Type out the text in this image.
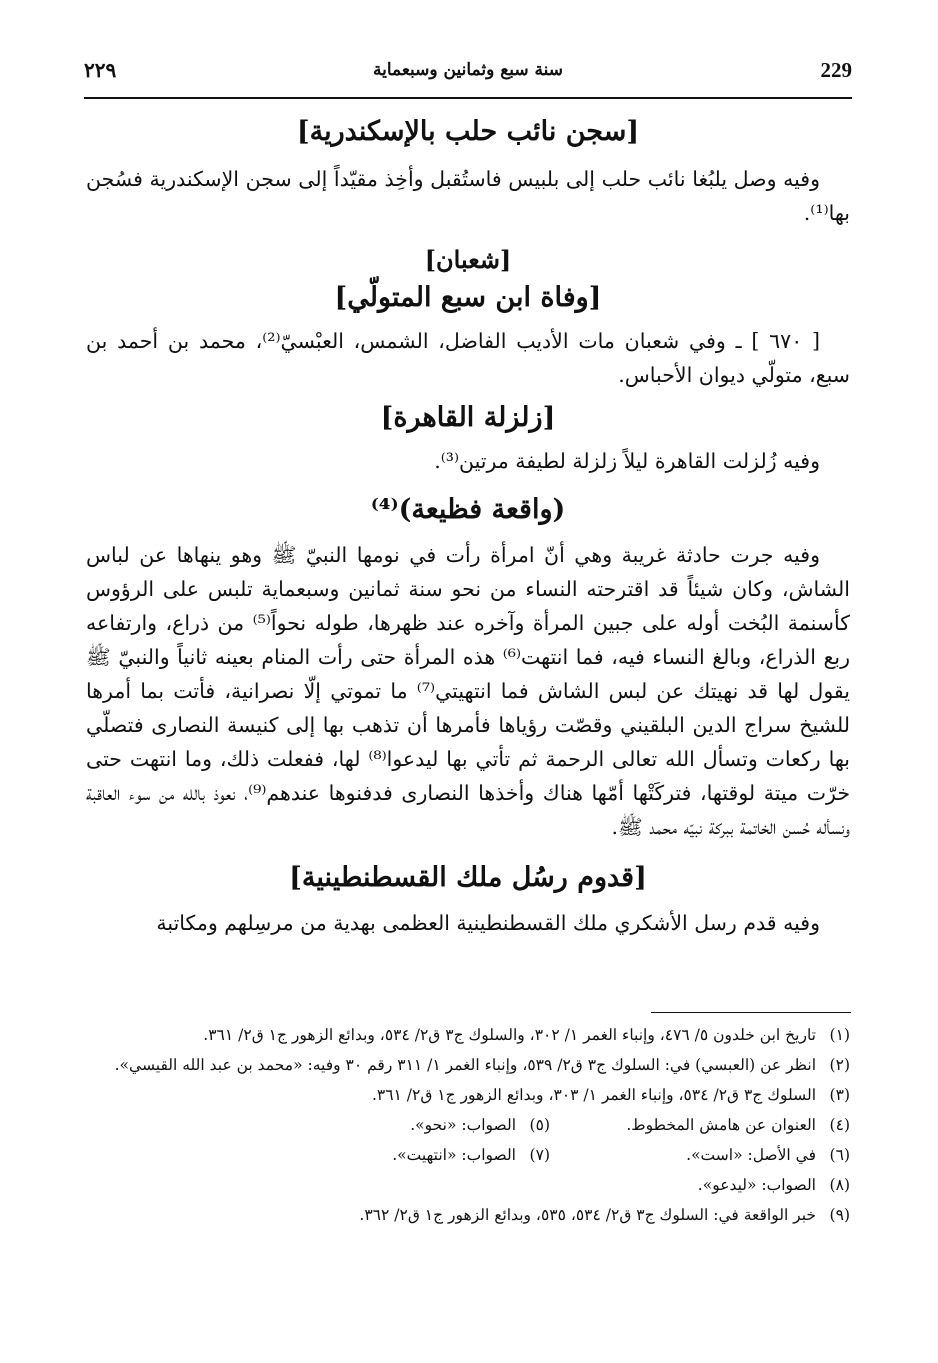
229
سنة سبع وثمانين وسبعماية
٢٢٩
[سجن نائب حلب بالإسكندرية]

وفيه وصل يلبُغا نائب حلب إلى بلبيس فاستُقبل وأخِذ مقيّداً إلى سجن الإسكندرية فسُجن بها⁽¹⁾.

[شعبان]
[وفاة ابن سبع المتولّي]

[ ٦٧٠ ] ـ وفي شعبان مات الأديب الفاضل، الشمس، العبْسيّ⁽²⁾، محمد بن أحمد بن سبع، متولّي ديوان الأحباس.

[زلزلة القاهرة]

وفيه زُلزلت القاهرة ليلاً زلزلة لطيفة مرتين⁽³⁾.

(واقعة فظيعة)⁽⁴⁾

وفيه جرت حادثة غريبة وهي أنّ امرأة رأت في نومها النبيّ ﷺ وهو ينهاها عن لباس الشاش، وكان شيئاً قد اقترحته النساء من نحو سنة ثمانين وسبعماية تلبس على الرؤوس كأسنمة البُخت أوله على جبين المرأة وآخره عند ظهرها، طوله نحواً⁽⁵⁾ من ذراع، وارتفاعه ربع الذراع، وبالغ النساء فيه، فما انتهت⁽⁶⁾ هذه المرأة حتى رأت المنام بعينه ثانياً والنبيّ ﷺ يقول لها قد نهيتك عن لبس الشاش فما انتهيتي⁽⁷⁾ ما تموتي إلّا نصرانية، فأتت بما أمرها للشيخ سراج الدين البلقيني وقصّت رؤياها فأمرها أن تذهب بها إلى كنيسة النصارى فتصلّي بها ركعات وتسأل الله تعالى الرحمة ثم تأتي بها ليدعوا⁽⁸⁾ لها، ففعلت ذلك، وما انتهت حتى خرّت ميتة لوقتها، فتركَتْها أمّها هناك وأخذها النصارى فدفنوها عندهم⁽⁹⁾، نعوذ بالله من سوء العاقبة ونسأله حُسن الخاتمة ببركة نبيّه محمد ﷺ.

[قدوم رسُل ملك القسطنطينية]

وفيه قدم رسل الأشكري ملك القسطنطينية العظمى بهدية من مرسِلهم ومكاتبة

(١)
تاريخ ابن خلدون ٥/ ٤٧٦، وإنباء الغمر ١/ ٣٠٢، والسلوك ج٣ ق٢/ ٥٣٤، وبدائع الزهور ج١ ق٢/ ٣٦١.
(٢)
انظر عن (العبسي) في: السلوك ج٣ ق٢/ ٥٣٩، وإنباء الغمر ١/ ٣١١ رقم ٣٠ وفيه: «محمد بن عبد الله القيسي».
(٣)
السلوك ج٣ ق٢/ ٥٣٤، وإنباء الغمر ١/ ٣٠٣، وبدائع الزهور ج١ ق٢/ ٣٦١.
(٤)
العنوان عن هامش المخطوط.
(٥)
الصواب: «نحو».
(٦)
في الأصل: «است».
(٧)
الصواب: «انتهيت».
(٨)
الصواب: «ليدعو».
(٩)
خبر الواقعة في: السلوك ج٣ ق٢/ ٥٣٤، ٥٣٥، وبدائع الزهور ج١ ق٢/ ٣٦٢.
